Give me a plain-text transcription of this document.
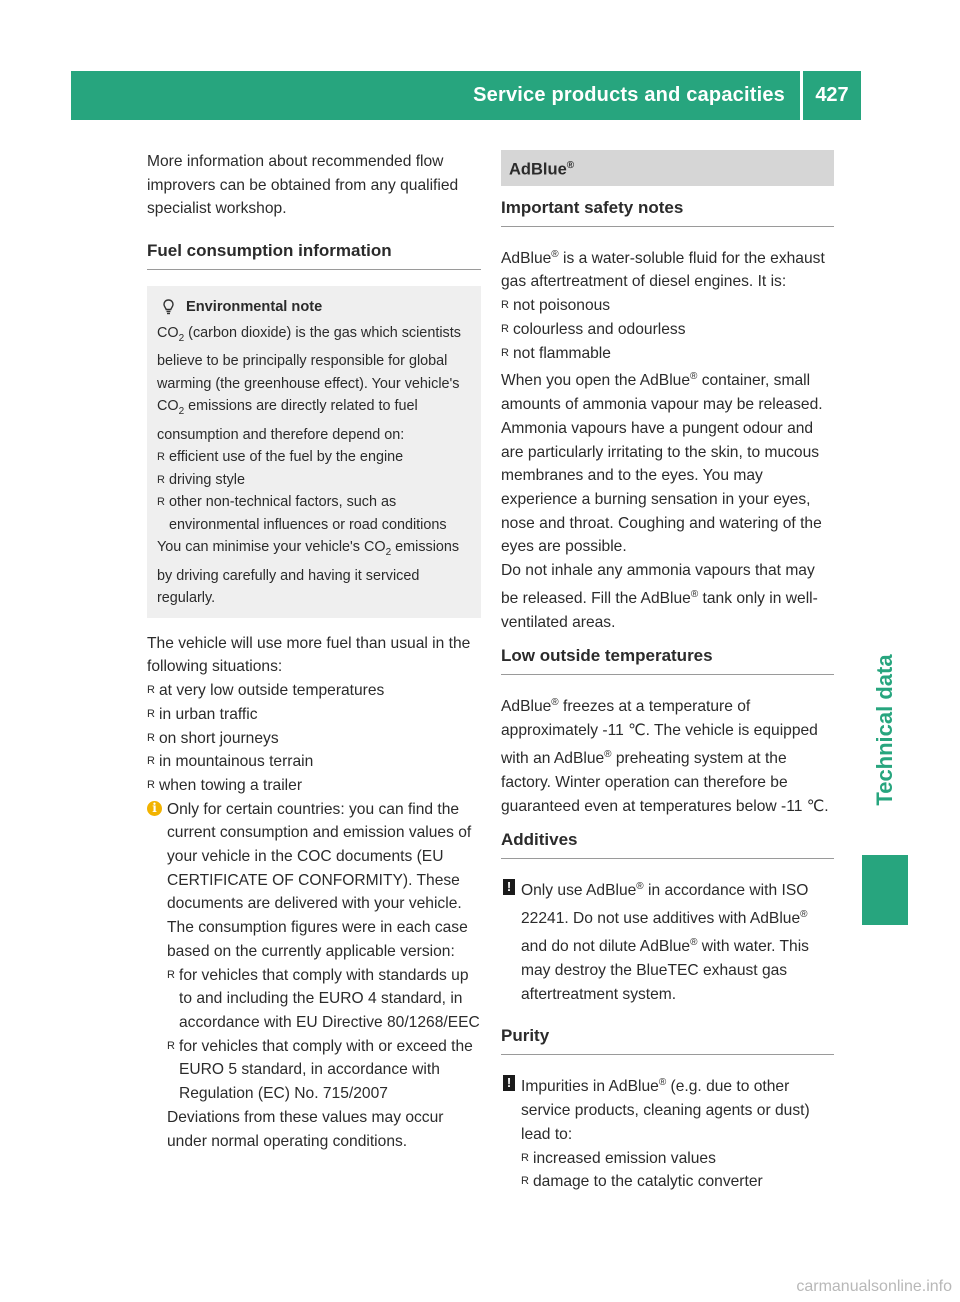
Service products and capacities	427
Technical data

More information about recommended flow improvers can be obtained from any qualified specialist workshop.

Fuel consumption information
Environmental note

$CO_2$ (carbon dioxide) is the gas which scientists believe to be principally responsible for global warming (the greenhouse effect). Your vehicle's $CO_2$ emissions are directly related to fuel consumption and therefore depend on:

R efficient use of the fuel by the engine
R driving style
R other non-technical factors, such as environmental influences or road conditions

You can minimise your vehicle's $CO_2$ emissions by driving carefully and having it serviced regularly.

The vehicle will use more fuel than usual in the following situations:

R at very low outside temperatures
R in urban traffic
R on short journeys
R in mountainous terrain
R when towing a trailer
i Only for certain countries: you can find the current consumption and emission values of your vehicle in the COC documents (EU CERTIFICATE OF CONFORMITY). These documents are delivered with your vehicle.

The consumption figures were in each case based on the currently applicable version:

R for vehicles that comply with standards up to and including the EURO 4 standard, in accordance with EU Directive 80/1268/EEC
R for vehicles that comply with or exceed the EURO 5 standard, in accordance with Regulation (EC) No. 715/2007

Deviations from these values may occur under normal operating conditions.

AdBlue®
Important safety notes

AdBlue® is a water-soluble fluid for the exhaust gas aftertreatment of diesel engines. It is:

R not poisonous
R colourless and odourless
R not flammable

When you open the AdBlue® container, small amounts of ammonia vapour may be released.

Ammonia vapours have a pungent odour and are particularly irritating to the skin, to mucous membranes and to the eyes. You may experience a burning sensation in your eyes, nose and throat. Coughing and watering of the eyes are possible.

Do not inhale any ammonia vapours that may be released. Fill the AdBlue® tank only in well-ventilated areas.

Low outside temperatures

AdBlue® freezes at a temperature of approximately -11 ℃. The vehicle is equipped with an AdBlue® preheating system at the factory. Winter operation can therefore be guaranteed even at temperatures below -11 ℃.

Additives
! Only use AdBlue® in accordance with ISO 22241. Do not use additives with AdBlue® and do not dilute AdBlue® with water. This may destroy the BlueTEC exhaust gas aftertreatment system.

Purity
! Impurities in AdBlue® (e.g. due to other service products, cleaning agents or dust) lead to:

R increased emission values
R damage to the catalytic converter
carmanualsonline.info
